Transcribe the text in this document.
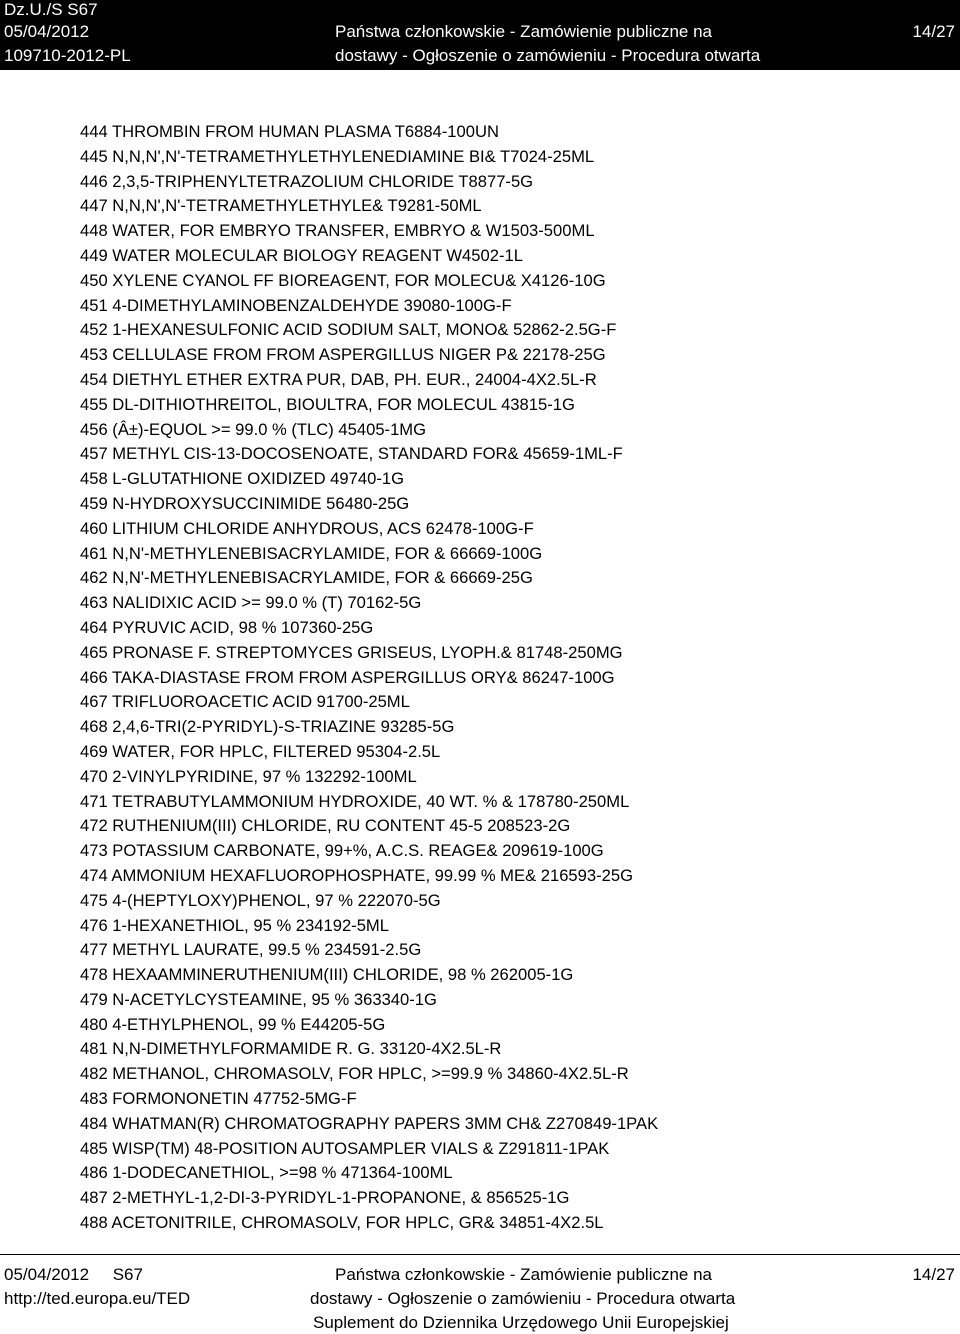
Dz.U./S S67
05/04/2012
109710-2012-PL
Państwa członkowskie - Zamówienie publiczne na
dostawy - Ogłoszenie o zamówieniu - Procedura otwarta
14/27
444 THROMBIN FROM HUMAN PLASMA T6884-100UN
445 N,N,N',N'-TETRAMETHYLETHYLENEDIAMINE BI& T7024-25ML
446 2,3,5-TRIPHENYLTETRAZOLIUM CHLORIDE T8877-5G
447 N,N,N',N'-TETRAMETHYLETHYLE& T9281-50ML
448 WATER, FOR EMBRYO TRANSFER, EMBRYO & W1503-500ML
449 WATER MOLECULAR BIOLOGY REAGENT W4502-1L
450 XYLENE CYANOL FF BIOREAGENT, FOR MOLECU& X4126-10G
451 4-DIMETHYLAMINOBENZALDEHYDE 39080-100G-F
452 1-HEXANESULFONIC ACID SODIUM SALT, MONO& 52862-2.5G-F
453 CELLULASE FROM FROM ASPERGILLUS NIGER P& 22178-25G
454 DIETHYL ETHER EXTRA PUR, DAB, PH. EUR., 24004-4X2.5L-R
455 DL-DITHIOTHREITOL, BIOULTRA, FOR MOLECUL 43815-1G
456 (Â±)-EQUOL >= 99.0 % (TLC) 45405-1MG
457 METHYL CIS-13-DOCOSENOATE, STANDARD FOR& 45659-1ML-F
458 L-GLUTATHIONE OXIDIZED 49740-1G
459 N-HYDROXYSUCCINIMIDE 56480-25G
460 LITHIUM CHLORIDE ANHYDROUS, ACS 62478-100G-F
461 N,N'-METHYLENEBISACRYLAMIDE, FOR & 66669-100G
462 N,N'-METHYLENEBISACRYLAMIDE, FOR & 66669-25G
463 NALIDIXIC ACID >= 99.0 % (T) 70162-5G
464 PYRUVIC ACID, 98 % 107360-25G
465 PRONASE F. STREPTOMYCES GRISEUS, LYOPH.& 81748-250MG
466 TAKA-DIASTASE FROM FROM ASPERGILLUS ORY& 86247-100G
467 TRIFLUOROACETIC ACID 91700-25ML
468 2,4,6-TRI(2-PYRIDYL)-S-TRIAZINE 93285-5G
469 WATER, FOR HPLC, FILTERED 95304-2.5L
470 2-VINYLPYRIDINE, 97 % 132292-100ML
471 TETRABUTYLAMMONIUM HYDROXIDE, 40 WT. % & 178780-250ML
472 RUTHENIUM(III) CHLORIDE, RU CONTENT 45-5 208523-2G
473 POTASSIUM CARBONATE, 99+%, A.C.S. REAGE& 209619-100G
474 AMMONIUM HEXAFLUOROPHOSPHATE, 99.99 % ME& 216593-25G
475 4-(HEPTYLOXY)PHENOL, 97 % 222070-5G
476 1-HEXANETHIOL, 95 % 234192-5ML
477 METHYL LAURATE, 99.5 % 234591-2.5G
478 HEXAAMMINERUTHENIUM(III) CHLORIDE, 98 % 262005-1G
479 N-ACETYLCYSTEAMINE, 95 % 363340-1G
480 4-ETHYLPHENOL, 99 % E44205-5G
481 N,N-DIMETHYLFORMAMIDE R. G. 33120-4X2.5L-R
482 METHANOL, CHROMASOLV, FOR HPLC, >=99.9 % 34860-4X2.5L-R
483 FORMONONETIN 47752-5MG-F
484 WHATMAN(R) CHROMATOGRAPHY PAPERS 3MM CH& Z270849-1PAK
485 WISP(TM) 48-POSITION AUTOSAMPLER VIALS & Z291811-1PAK
486 1-DODECANETHIOL, >=98 % 471364-100ML
487 2-METHYL-1,2-DI-3-PYRIDYL-1-PROPANONE, & 856525-1G
488 ACETONITRILE, CHROMASOLV, FOR HPLC, GR& 34851-4X2.5L
05/04/2012     S67
http://ted.europa.eu/TED
Państwa członkowskie - Zamówienie publiczne na
dostawy - Ogłoszenie o zamówieniu - Procedura otwarta
Suplement do Dziennika Urzędowego Unii Europejskiej
14/27
